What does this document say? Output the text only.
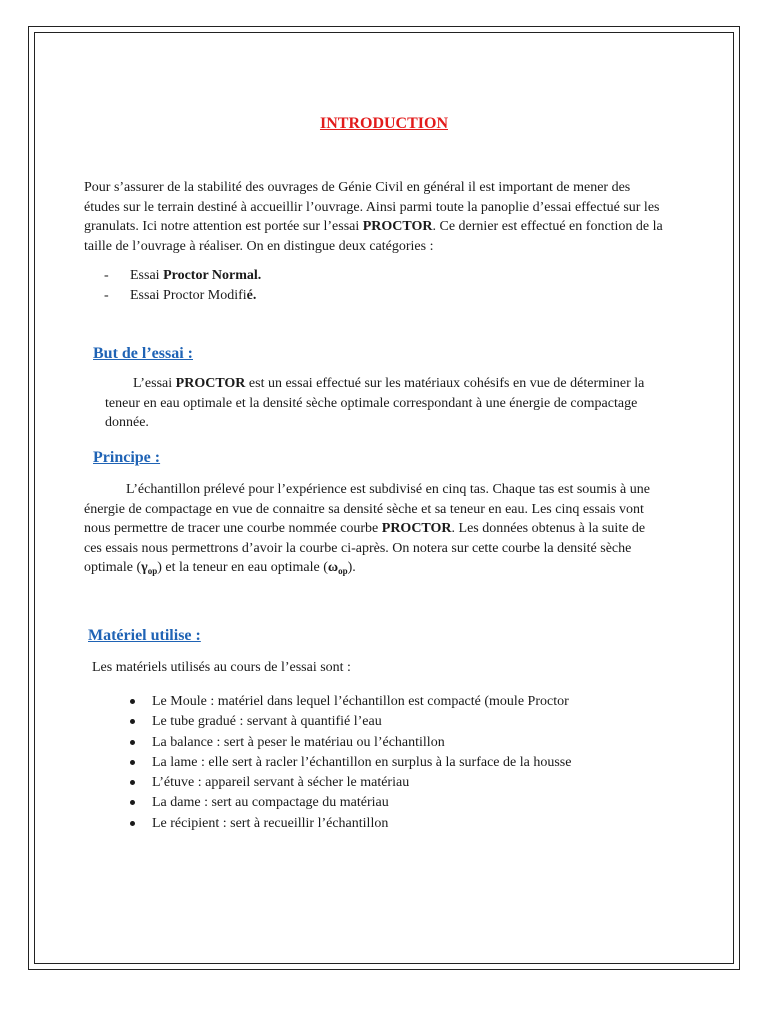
INTRODUCTION

Pour s’assurer de la stabilité des ouvrages de Génie Civil en général il est important de mener des études sur le terrain destiné à accueillir l’ouvrage. Ainsi parmi toute la panoplie d’essai effectué sur les granulats. Ici notre attention est portée sur l’essai PROCTOR. Ce dernier est effectué en fonction de la taille de l’ouvrage à réaliser. On en distingue deux catégories :

- Essai Proctor Normal.
- Essai Proctor Modifié.
But de l’essai :

L’essai PROCTOR est un essai effectué sur les matériaux cohésifs en vue de déterminer la teneur en eau optimale et la densité sèche optimale correspondant à une énergie de compactage donnée.

Principe :

L’échantillon prélevé pour l’expérience est subdivisé en cinq tas. Chaque tas est soumis à une énergie de compactage en vue de connaitre sa densité sèche et sa teneur en eau. Les cinq essais vont nous permettre de tracer une courbe nommée courbe PROCTOR. Les données obtenus à la suite de ces essais nous permettrons d’avoir la courbe ci-après. On notera sur cette courbe la densité sèche optimale $(\gamma_{op})$ et la teneur en eau optimale $(\omega_{op})$.

Matériel utilise :

Les matériels utilisés au cours de l’essai sont :

Le Moule : matériel dans lequel l’échantillon est compacté (moule Proctor
Le tube gradué : servant à quantifié l’eau
La balance : sert à peser le matériau ou l’échantillon
La lame : elle sert à racler l’échantillon en surplus à la surface de la housse
L’étuve : appareil servant à sécher le matériau
La dame : sert au compactage du matériau
Le récipient : sert à recueillir l’échantillon
